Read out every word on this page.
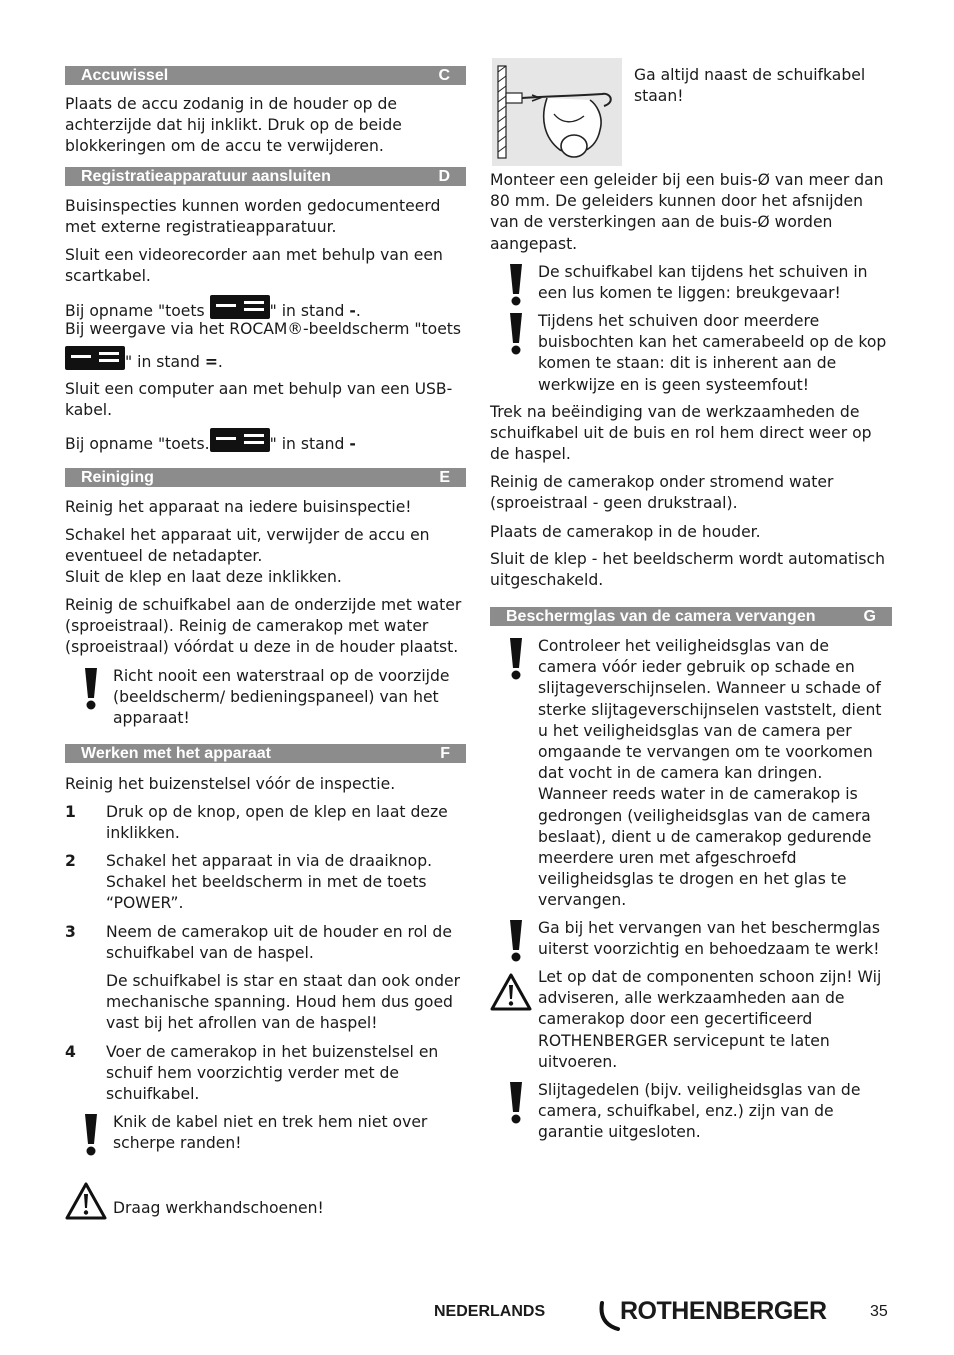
Accuwissel	C

Plaats de accu zodanig in de houder op de achterzijde dat hij inklikt. Druk op de beide blokkeringen om de accu te verwijderen.

Registratieapparatuur aansluiten	D

Buisinspecties kunnen worden gedocumenteerd met externe registratieapparatuur.

Sluit een videorecorder aan met behulp van een scartkabel.

Bij opname "toets	" in stand -.

Bij weergave via het ROCAM®-beeldscherm "toets

" in stand =.

Sluit een computer aan met behulp van een USB-kabel.

Bij opname "toets.	" in stand -

Reiniging	E

Reinig het apparaat na iedere buisinspectie!

Schakel het apparaat uit, verwijder de accu en eventueel de netadapter.
Sluit de klep en laat deze inklikken.

Reinig de schuifkabel aan de onderzijde met water (sproeistraal). Reinig de camerakop met water (sproeistraal) vóórdat u deze in de houder plaatst.

Richt nooit een waterstraal op de voorzijde (beeldscherm/ bedieningspaneel) van het apparaat!
Werken met het apparaat	F

Reinig het buizenstelsel vóór de inspectie.

1 Druk op de knop, open de klep en laat deze inklikken.
2 Schakel het apparaat in via de draaiknop. Schakel het beeldscherm in met de toets “POWER”.
3 Neem de camerakop uit de houder en rol de schuifkabel van de haspel.
De schuifkabel is star en staat dan ook onder mechanische spanning. Houd hem dus goed vast bij het afrollen van de haspel!
4 Voer de camerakop in het buizenstelsel en schuif hem voorzichtig verder met de schuifkabel.
Knik de kabel niet en trek hem niet over scherpe randen!
Draag werkhandschoenen!

Ga altijd naast de schuifkabel staan!

Monteer een geleider bij een buis-Ø van meer dan 80 mm. De geleiders kunnen door het afsnijden van de versterkingen aan de buis-Ø worden aangepast.

De schuifkabel kan tijdens het schuiven in een lus komen te liggen: breukgevaar!
Tijdens het schuiven door meerdere buisbochten kan het camerabeeld op de kop komen te staan: dit is inherent aan de werkwijze en is geen systeemfout!

Trek na beëindiging van de werkzaamheden de schuifkabel uit de buis en rol hem direct weer op de haspel.

Reinig de camerakop onder stromend water (sproeistraal - geen drukstraal).

Plaats de camerakop in de houder.

Sluit de klep - het beeldscherm wordt automatisch uitgeschakeld.

Beschermglas van de camera vervangen	G
Controleer het veiligheidsglas van de camera vóór ieder gebruik op schade en slijtageverschijnselen. Wanneer u schade of sterke slijtageverschijnselen vaststelt, dient u het veiligheidsglas van de camera per omgaande te vervangen om te voorkomen dat vocht in de camera kan dringen. Wanneer reeds water in de camerakop is gedrongen (veiligheidsglas van de camera beslaat), dient u de camerakop gedurende meerdere uren met afgeschroefd veiligheidsglas te drogen en het glas te vervangen.
Ga bij het vervangen van het beschermglas uiterst voorzichtig en behoedzaam te werk!
Let op dat de componenten schoon zijn! Wij adviseren, alle werkzaamheden aan de camerakop door een gecertificeerd ROTHENBERGER servicepunt te laten uitvoeren.
Slijtagedelen (bijv. veiligheidsglas van de camera, schuifkabel, enz.) zijn van de garantie uitgesloten.
NEDERLANDS	ROTHENBERGER	35
